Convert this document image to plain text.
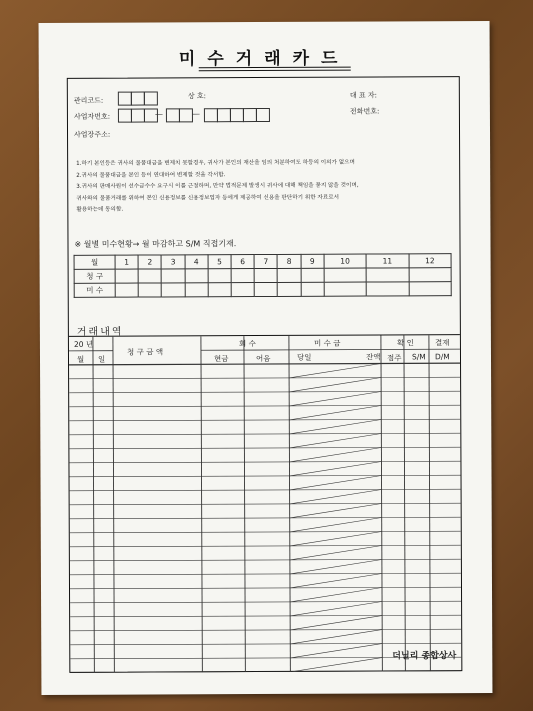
미수거래카드
관리코드:
상 호:	대 표 자:
사업자번호:	—	—	전화번호:
사업장주소:
1.하기 본인등은 귀사의 물품대금을 변제치 못할경우, 귀사가 본인의 재산을 임의 처분하여도 하등의 이의가 없으며
2.귀사의 물품대금을 본인 등이 연대하여 변제할 것을 각서함.
3.귀사의 판매사원이 선수금수수 요구시 이를 근절하며, 만약 법적문제 발생시 귀사에 대해 책임을 묻지 않을 것이며,
귀사와의 물품거래를 위하여 본인 신용정보를 신용정보업자 등에게 제공하여 신용을 판단하기 위한 자료로서
활용하는데 동의함.
※ 월별 미수현황→ 월 마감하고 S/M 직접기재.
월	1	2	3	4	5	6	7	8	9	10	11	12
청 구												
미 수												
거래내역
20 년
월 일
청 구 금 액
회 수
현금	어음
미 수 금
당일	잔액
확 인
점주 S/M
결재
D/M
더닐리 종합상사
